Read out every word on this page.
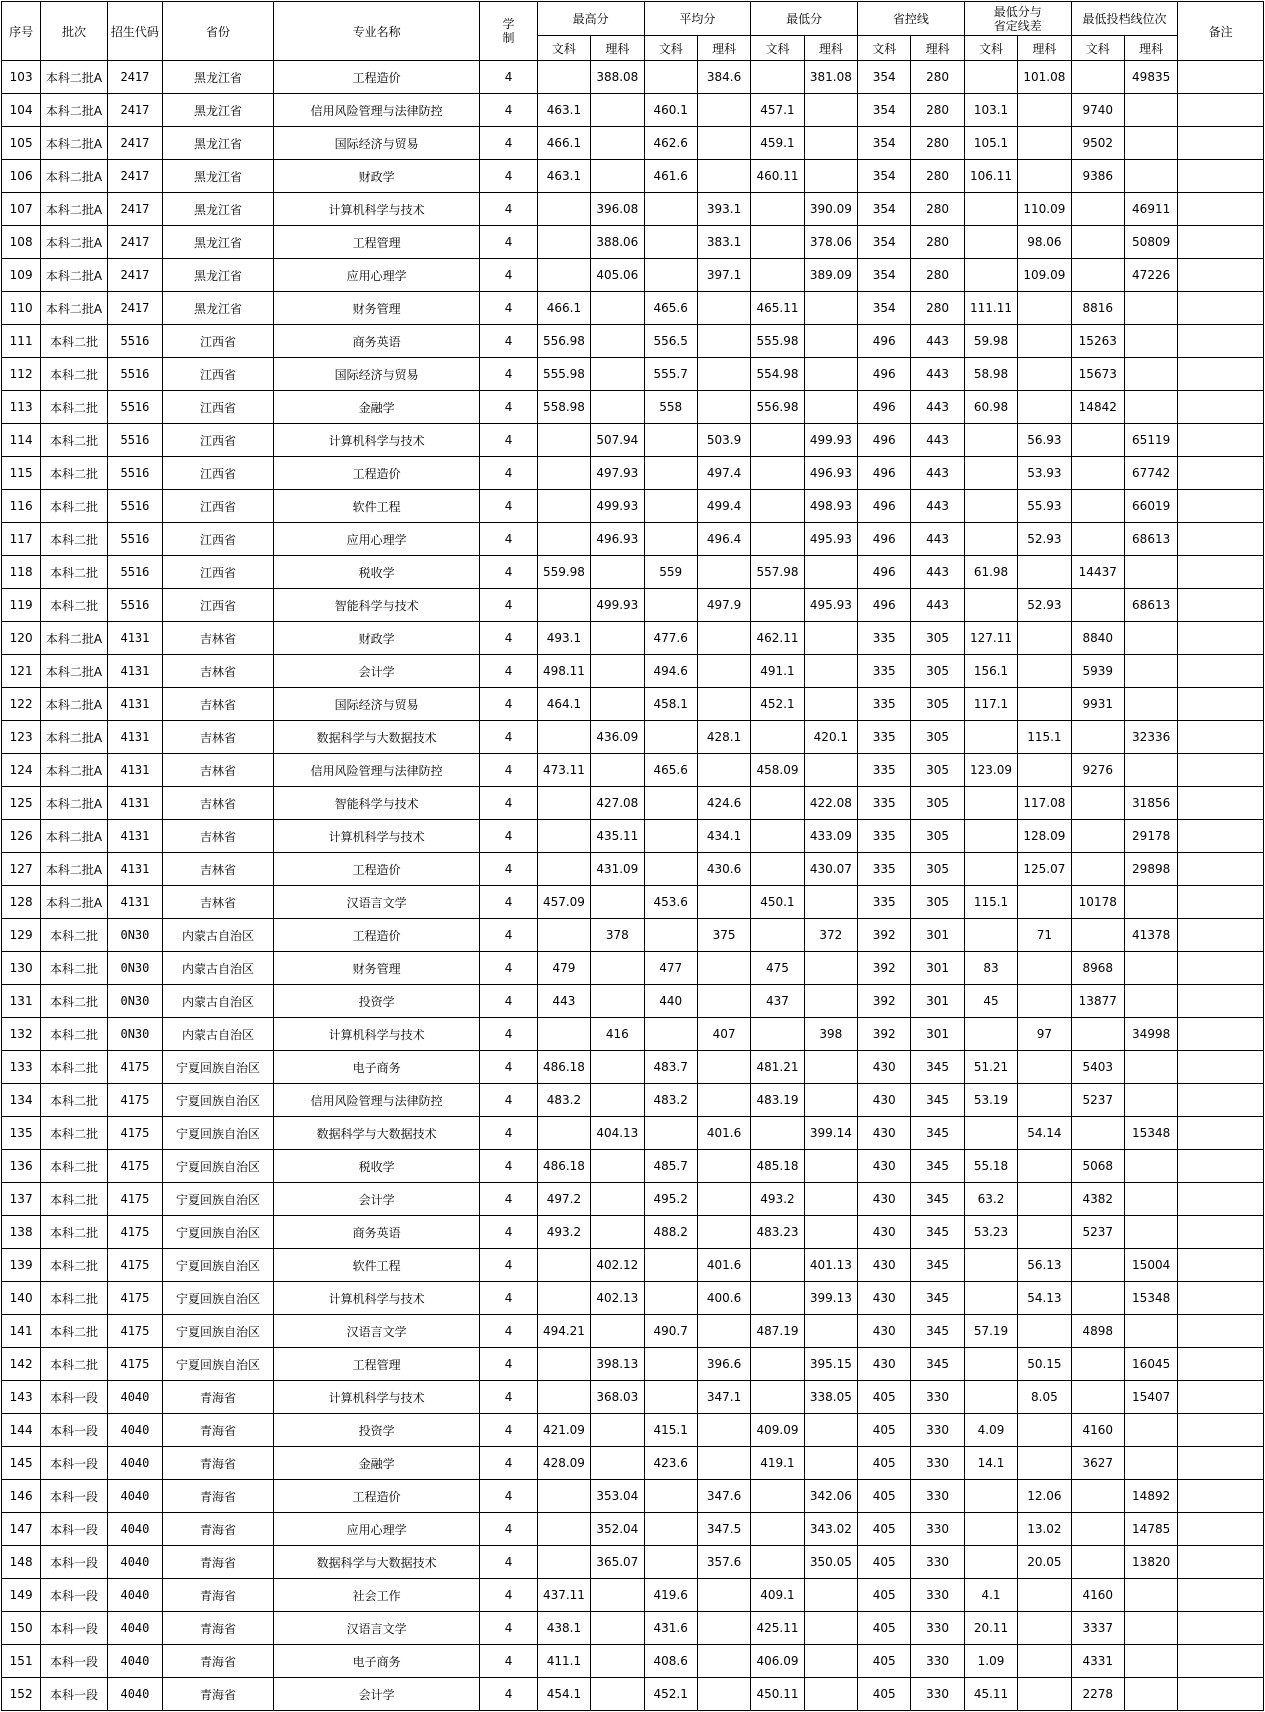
序号	批次	招生代码	省份	专业名称	学
制	最高分		平均分		最低分		省控线		最低分与
省定线差		最低投档线位次		备注
						文科	理科	文科	理科	文科	理科	文科	理科	文科	理科	文科	理科	
103	本科二批A	2417	黑龙江省	工程造价	4		388.08		384.6		381.08	354	280		101.08		49835	
104	本科二批A	2417	黑龙江省	信用风险管理与法律防控	4	463.1		460.1		457.1		354	280	103.1		9740		
105	本科二批A	2417	黑龙江省	国际经济与贸易	4	466.1		462.6		459.1		354	280	105.1		9502		
106	本科二批A	2417	黑龙江省	财政学	4	463.1		461.6		460.11		354	280	106.11		9386		
107	本科二批A	2417	黑龙江省	计算机科学与技术	4		396.08		393.1		390.09	354	280		110.09		46911	
108	本科二批A	2417	黑龙江省	工程管理	4		388.06		383.1		378.06	354	280		98.06		50809	
109	本科二批A	2417	黑龙江省	应用心理学	4		405.06		397.1		389.09	354	280		109.09		47226	
110	本科二批A	2417	黑龙江省	财务管理	4	466.1		465.6		465.11		354	280	111.11		8816		
111	本科二批	5516	江西省	商务英语	4	556.98		556.5		555.98		496	443	59.98		15263		
112	本科二批	5516	江西省	国际经济与贸易	4	555.98		555.7		554.98		496	443	58.98		15673		
113	本科二批	5516	江西省	金融学	4	558.98		558		556.98		496	443	60.98		14842		
114	本科二批	5516	江西省	计算机科学与技术	4		507.94		503.9		499.93	496	443		56.93		65119	
115	本科二批	5516	江西省	工程造价	4		497.93		497.4		496.93	496	443		53.93		67742	
116	本科二批	5516	江西省	软件工程	4		499.93		499.4		498.93	496	443		55.93		66019	
117	本科二批	5516	江西省	应用心理学	4		496.93		496.4		495.93	496	443		52.93		68613	
118	本科二批	5516	江西省	税收学	4	559.98		559		557.98		496	443	61.98		14437		
119	本科二批	5516	江西省	智能科学与技术	4		499.93		497.9		495.93	496	443		52.93		68613	
120	本科二批A	4131	吉林省	财政学	4	493.1		477.6		462.11		335	305	127.11		8840		
121	本科二批A	4131	吉林省	会计学	4	498.11		494.6		491.1		335	305	156.1		5939		
122	本科二批A	4131	吉林省	国际经济与贸易	4	464.1		458.1		452.1		335	305	117.1		9931		
123	本科二批A	4131	吉林省	数据科学与大数据技术	4		436.09		428.1		420.1	335	305		115.1		32336	
124	本科二批A	4131	吉林省	信用风险管理与法律防控	4	473.11		465.6		458.09		335	305	123.09		9276		
125	本科二批A	4131	吉林省	智能科学与技术	4		427.08		424.6		422.08	335	305		117.08		31856	
126	本科二批A	4131	吉林省	计算机科学与技术	4		435.11		434.1		433.09	335	305		128.09		29178	
127	本科二批A	4131	吉林省	工程造价	4		431.09		430.6		430.07	335	305		125.07		29898	
128	本科二批A	4131	吉林省	汉语言文学	4	457.09		453.6		450.1		335	305	115.1		10178		
129	本科二批	0N30	内蒙古自治区	工程造价	4		378		375		372	392	301		71		41378	
130	本科二批	0N30	内蒙古自治区	财务管理	4	479		477		475		392	301	83		8968		
131	本科二批	0N30	内蒙古自治区	投资学	4	443		440		437		392	301	45		13877		
132	本科二批	0N30	内蒙古自治区	计算机科学与技术	4		416		407		398	392	301		97		34998	
133	本科二批	4175	宁夏回族自治区	电子商务	4	486.18		483.7		481.21		430	345	51.21		5403		
134	本科二批	4175	宁夏回族自治区	信用风险管理与法律防控	4	483.2		483.2		483.19		430	345	53.19		5237		
135	本科二批	4175	宁夏回族自治区	数据科学与大数据技术	4		404.13		401.6		399.14	430	345		54.14		15348	
136	本科二批	4175	宁夏回族自治区	税收学	4	486.18		485.7		485.18		430	345	55.18		5068		
137	本科二批	4175	宁夏回族自治区	会计学	4	497.2		495.2		493.2		430	345	63.2		4382		
138	本科二批	4175	宁夏回族自治区	商务英语	4	493.2		488.2		483.23		430	345	53.23		5237		
139	本科二批	4175	宁夏回族自治区	软件工程	4		402.12		401.6		401.13	430	345		56.13		15004	
140	本科二批	4175	宁夏回族自治区	计算机科学与技术	4		402.13		400.6		399.13	430	345		54.13		15348	
141	本科二批	4175	宁夏回族自治区	汉语言文学	4	494.21		490.7		487.19		430	345	57.19		4898		
142	本科二批	4175	宁夏回族自治区	工程管理	4		398.13		396.6		395.15	430	345		50.15		16045	
143	本科一段	4040	青海省	计算机科学与技术	4		368.03		347.1		338.05	405	330		8.05		15407	
144	本科一段	4040	青海省	投资学	4	421.09		415.1		409.09		405	330	4.09		4160		
145	本科一段	4040	青海省	金融学	4	428.09		423.6		419.1		405	330	14.1		3627		
146	本科一段	4040	青海省	工程造价	4		353.04		347.6		342.06	405	330		12.06		14892	
147	本科一段	4040	青海省	应用心理学	4		352.04		347.5		343.02	405	330		13.02		14785	
148	本科一段	4040	青海省	数据科学与大数据技术	4		365.07		357.6		350.05	405	330		20.05		13820	
149	本科一段	4040	青海省	社会工作	4	437.11		419.6		409.1		405	330	4.1		4160		
150	本科一段	4040	青海省	汉语言文学	4	438.1		431.6		425.11		405	330	20.11		3337		
151	本科一段	4040	青海省	电子商务	4	411.1		408.6		406.09		405	330	1.09		4331		
152	本科一段	4040	青海省	会计学	4	454.1		452.1		450.11		405	330	45.11		2278		
